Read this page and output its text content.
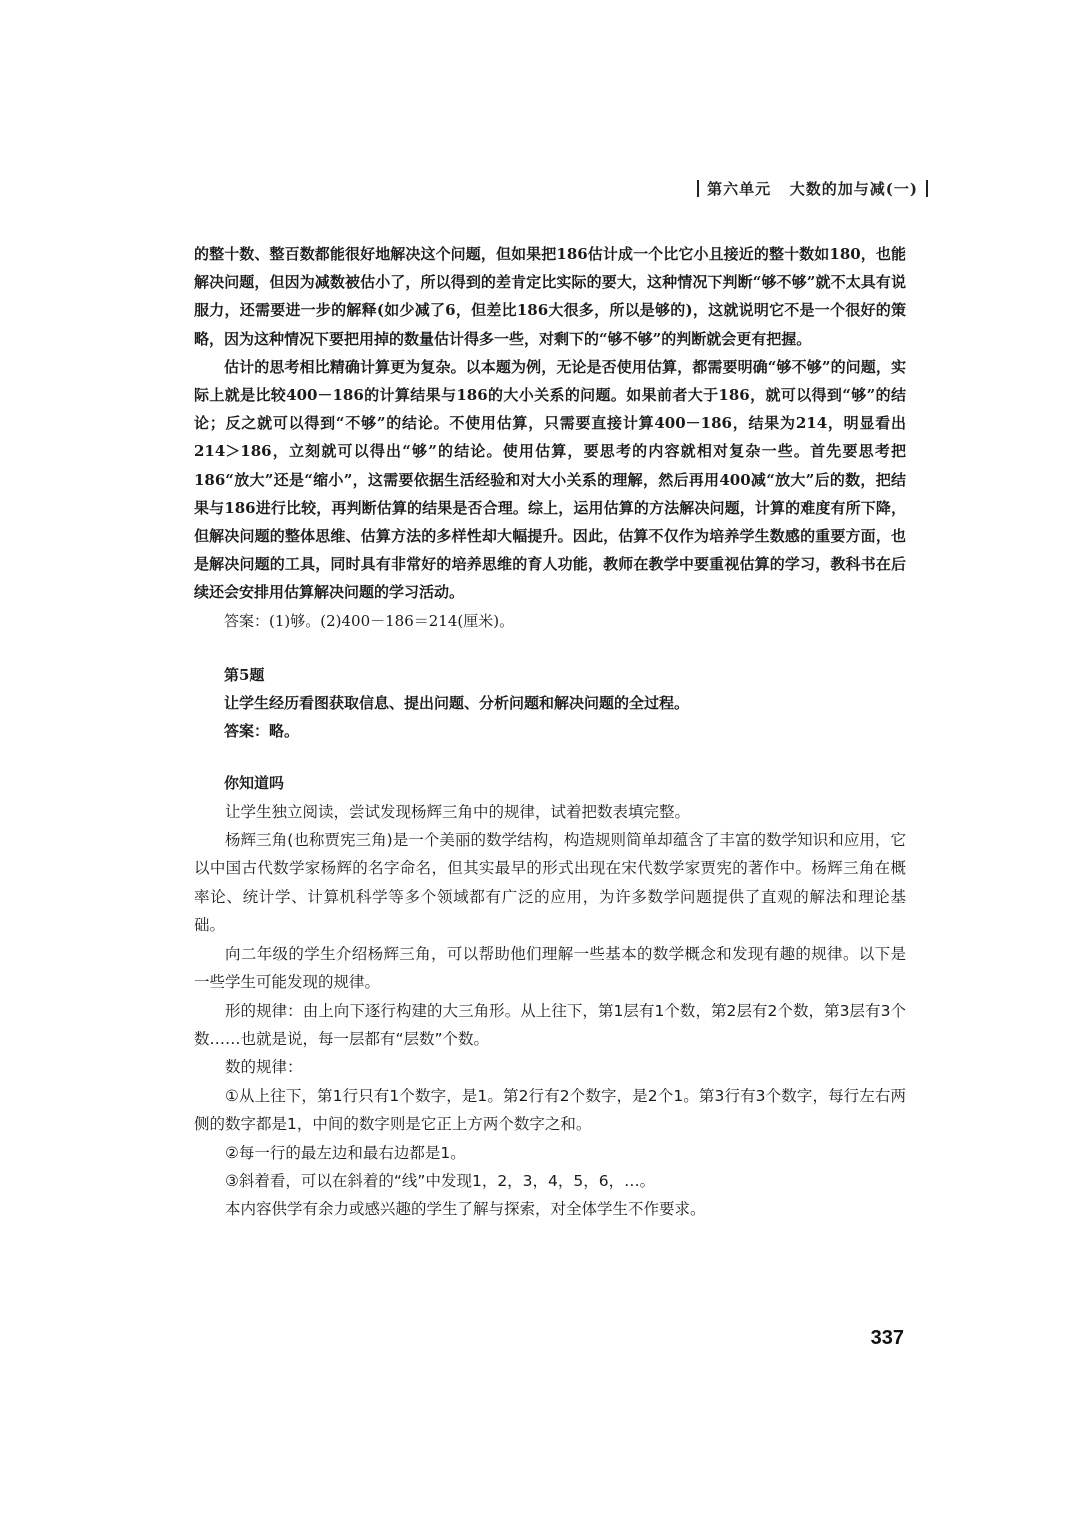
第六单元 大数的加与减(一)

的整十数、整百数都能很好地解决这个问题，但如果把186估计成一个比它小且接近的整十数如180，也能解决问题，但因为减数被估小了，所以得到的差肯定比实际的要大，这种情况下判断“够不够”就不太具有说服力，还需要进一步的解释(如少减了6，但差比186大很多，所以是够的)，这就说明它不是一个很好的策略，因为这种情况下要把用掉的数量估计得多一些，对剩下的“够不够”的判断就会更有把握。

估计的思考相比精确计算更为复杂。以本题为例，无论是否使用估算，都需要明确“够不够”的问题，实际上就是比较400－186的计算结果与186的大小关系的问题。如果前者大于186，就可以得到“够”的结论；反之就可以得到“不够”的结论。不使用估算，只需要直接计算400－186，结果为214，明显看出214＞186，立刻就可以得出“够”的结论。使用估算，要思考的内容就相对复杂一些。首先要思考把186“放大”还是“缩小”，这需要依据生活经验和对大小关系的理解，然后再用400减“放大”后的数，把结果与186进行比较，再判断估算的结果是否合理。综上，运用估算的方法解决问题，计算的难度有所下降，但解决问题的整体思维、估算方法的多样性却大幅提升。因此，估算不仅作为培养学生数感的重要方面，也是解决问题的工具，同时具有非常好的培养思维的育人功能，教师在教学中要重视估算的学习，教科书在后续还会安排用估算解决问题的学习活动。

答案：(1)够。(2)400－186＝214(厘米)。

第5题

让学生经历看图获取信息、提出问题、分析问题和解决问题的全过程。

答案：略。

你知道吗

让学生独立阅读，尝试发现杨辉三角中的规律，试着把数表填完整。

杨辉三角(也称贾宪三角)是一个美丽的数学结构，构造规则简单却蕴含了丰富的数学知识和应用，它以中国古代数学家杨辉的名字命名，但其实最早的形式出现在宋代数学家贾宪的著作中。杨辉三角在概率论、统计学、计算机科学等多个领域都有广泛的应用，为许多数学问题提供了直观的解法和理论基础。

向二年级的学生介绍杨辉三角，可以帮助他们理解一些基本的数学概念和发现有趣的规律。以下是一些学生可能发现的规律。

形的规律：由上向下逐行构建的大三角形。从上往下，第1层有1个数，第2层有2个数，第3层有3个数……也就是说，每一层都有“层数”个数。

数的规律：

①从上往下，第1行只有1个数字，是1。第2行有2个数字，是2个1。第3行有3个数字，每行左右两侧的数字都是1，中间的数字则是它正上方两个数字之和。

②每一行的最左边和最右边都是1。

③斜着看，可以在斜着的“线”中发现1，2，3，4，5，6，…。

本内容供学有余力或感兴趣的学生了解与探索，对全体学生不作要求。

337
